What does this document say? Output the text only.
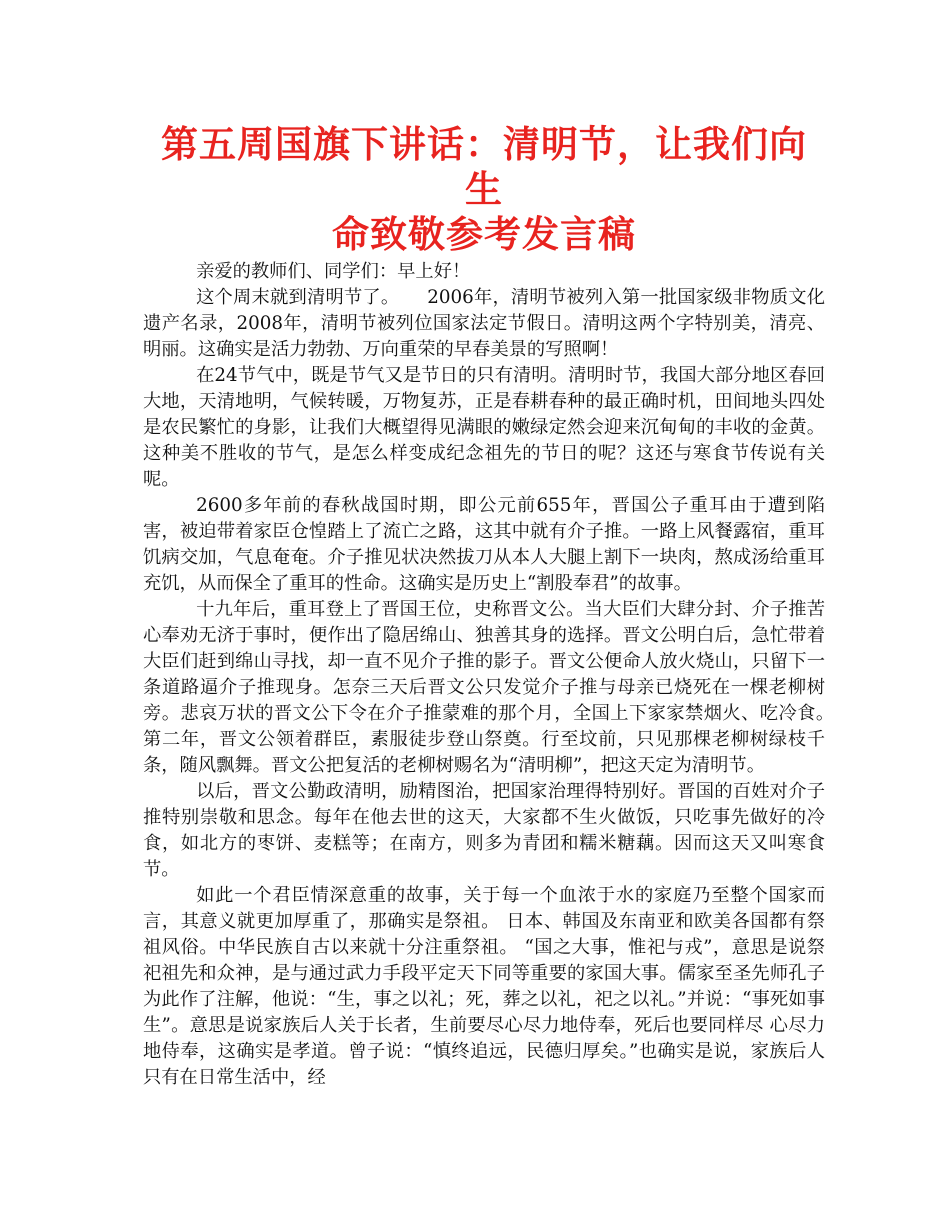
第五周国旗下讲话：清明节，让我们向生
命致敬参考发言稿

亲爱的教师们、同学们：早上好！

这个周末就到清明节了。　　2006年，清明节被列入第一批国家级非物质文化遗产名录，2008年，清明节被列位国家法定节假日。清明这两个字特别美，清亮、明丽。这确实是活力勃勃、万向重荣的早春美景的写照啊！

在24节气中，既是节气又是节日的只有清明。清明时节，我国大部分地区春回大地，天清地明，气候转暖，万物复苏，正是春耕春种的最正确时机，田间地头四处是农民繁忙的身影，让我们大概望得见满眼的嫩绿定然会迎来沉甸甸的丰收的金黄。这种美不胜收的节气，是怎么样变成纪念祖先的节日的呢？这还与寒食节传说有关呢。

2600多年前的春秋战国时期，即公元前655年，晋国公子重耳由于遭到陷害，被迫带着家臣仓惶踏上了流亡之路，这其中就有介子推。一路上风餐露宿，重耳饥病交加，气息奄奄。介子推见状决然拔刀从本人大腿上割下一块肉，熬成汤给重耳充饥，从而保全了重耳的性命。这确实是历史上“割股奉君”的故事。

十九年后，重耳登上了晋国王位，史称晋文公。当大臣们大肆分封、介子推苦心奉劝无济于事时，便作出了隐居绵山、独善其身的选择。晋文公明白后，急忙带着大臣们赶到绵山寻找，却一直不见介子推的影子。晋文公便命人放火烧山，只留下一条道路逼介子推现身。怎奈三天后晋文公只发觉介子推与母亲已烧死在一棵老柳树旁。悲哀万状的晋文公下令在介子推蒙难的那个月，全国上下家家禁烟火、吃冷食。　　第二年，晋文公领着群臣，素服徒步登山祭奠。行至坟前，只见那棵老柳树绿枝千条，随风飘舞。晋文公把复活的老柳树赐名为“清明柳”，把这天定为清明节。

以后，晋文公勤政清明，励精图治，把国家治理得特别好。晋国的百姓对介子推特别崇敬和思念。每年在他去世的这天，大家都不生火做饭，只吃事先做好的冷食，如北方的枣饼、麦糕等；在南方，则多为青团和糯米糖藕。因而这天又叫寒食节。

如此一个君臣情深意重的故事，关于每一个血浓于水的家庭乃至整个国家而言，其意义就更加厚重了，那确实是祭祖。 日本、韩国及东南亚和欧美各国都有祭祖风俗。中华民族自古以来就十分注重祭祖。 “国之大事，惟祀与戎”，意思是说祭祀祖先和众神，是与通过武力手段平定天下同等重要的家国大事。儒家至圣先师孔子为此作了注解，他说：“生，事之以礼；死，葬之以礼，祀之以礼。”并说：“事死如事生”。意思是说家族后人关于长者，生前要尽心尽力地侍奉，死后也要同样尽 心尽力地侍奉，这确实是孝道。曾子说：“慎终追远，民德归厚矣。”也确实是说，家族后人只有在日常生活中，经
